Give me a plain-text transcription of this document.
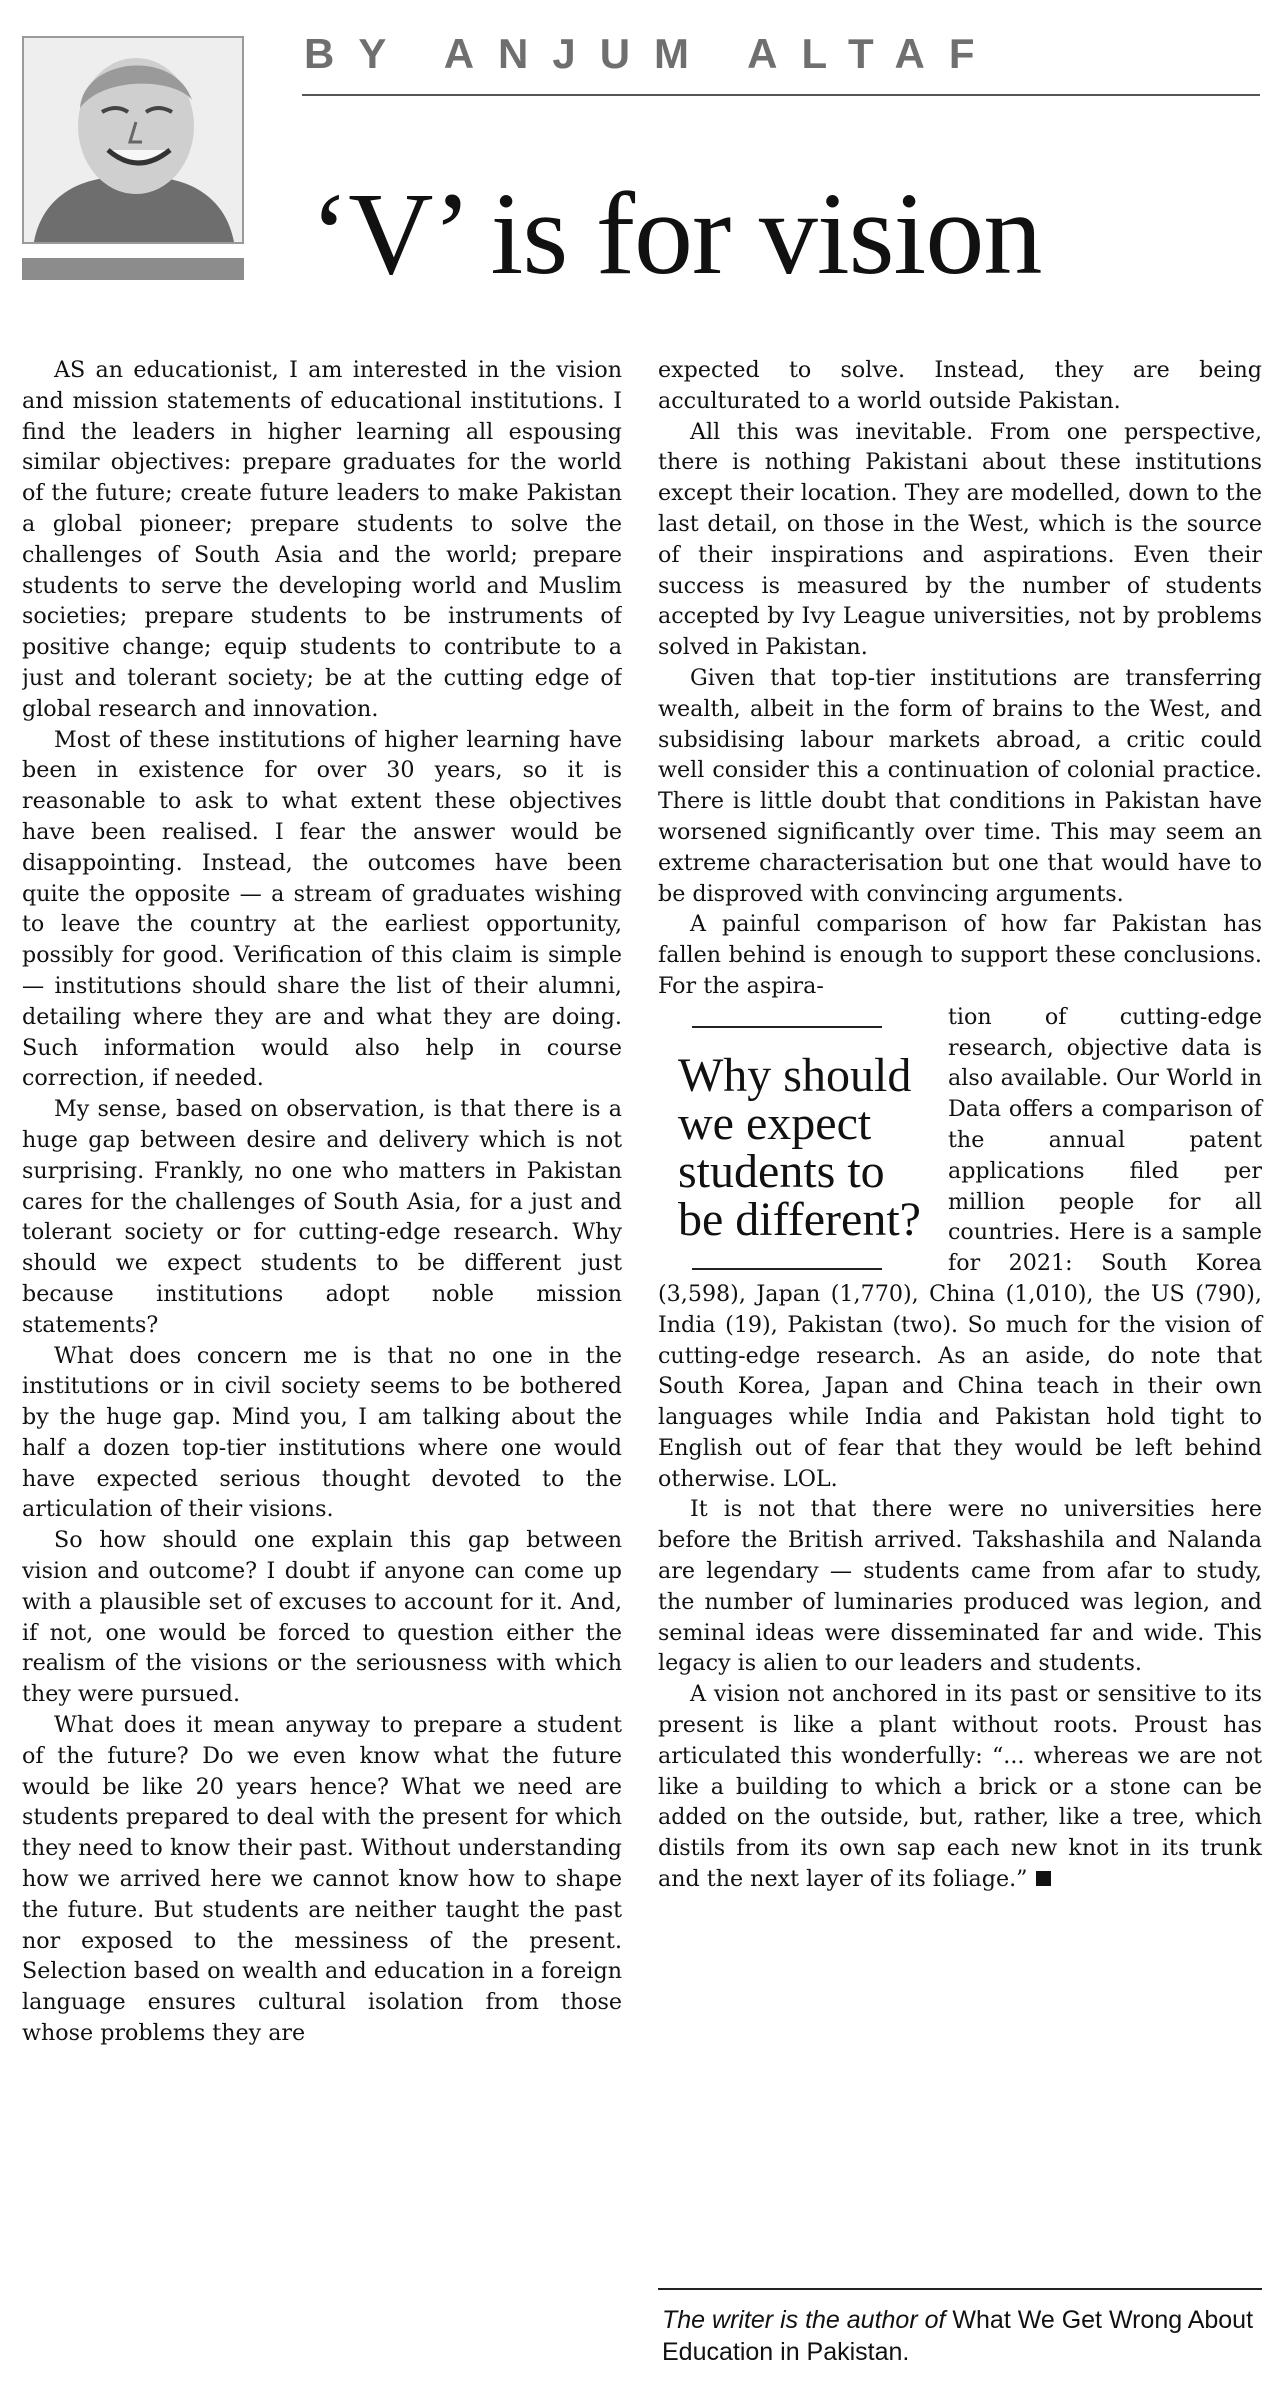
BY ANJUM ALTAF
‘V’ is for vision

AS an educationist, I am interested in the vision and mission statements of educational institutions. I find the leaders in higher learning all espousing similar objectives: prepare graduates for the world of the future; create future leaders to make Pakistan a global pioneer; prepare students to solve the challenges of South Asia and the world; prepare students to serve the developing world and Muslim societies; prepare students to be instruments of positive change; equip students to contribute to a just and tolerant society; be at the cutting edge of global research and innovation.

Most of these institutions of higher learning have been in existence for over 30 years, so it is reasonable to ask to what extent these objectives have been realised. I fear the answer would be disappointing. Instead, the outcomes have been quite the opposite — a stream of graduates wishing to leave the country at the earliest opportunity, possibly for good. Verification of this claim is simple — institutions should share the list of their alumni, detailing where they are and what they are doing. Such information would also help in course correction, if needed.

My sense, based on observation, is that there is a huge gap between desire and delivery which is not surprising. Frankly, no one who matters in Pakistan cares for the challenges of South Asia, for a just and tolerant society or for cutting-edge research. Why should we expect students to be different just because institutions adopt noble mission statements?

What does concern me is that no one in the institutions or in civil society seems to be bothered by the huge gap. Mind you, I am talking about the half a dozen top-tier institutions where one would have expected serious thought devoted to the articulation of their visions.

So how should one explain this gap between vision and outcome? I doubt if anyone can come up with a plausible set of excuses to account for it. And, if not, one would be forced to question either the realism of the visions or the seriousness with which they were pursued.

What does it mean anyway to prepare a student of the future? Do we even know what the future would be like 20 years hence? What we need are students prepared to deal with the present for which they need to know their past. Without understanding how we arrived here we cannot know how to shape the future. But students are neither taught the past nor exposed to the messiness of the present. Selection based on wealth and education in a foreign language ensures cultural isolation from those whose problems they are

expected to solve. Instead, they are being acculturated to a world outside Pakistan.

All this was inevitable. From one perspective, there is nothing Pakistani about these institutions except their location. They are modelled, down to the last detail, on those in the West, which is the source of their inspirations and aspirations. Even their success is measured by the number of students accepted by Ivy League universities, not by problems solved in Pakistan.

Given that top-tier institutions are transferring wealth, albeit in the form of brains to the West, and subsidising labour markets abroad, a critic could well consider this a continuation of colonial practice. There is little doubt that conditions in Pakistan have worsened significantly over time. This may seem an extreme characterisation but one that would have to be disproved with convincing arguments.

A painful comparison of how far Pakistan has fallen behind is enough to support these conclusions. For the aspira-

Why should we expect students to be different?

tion of cutting-edge research, objective data is also available. Our World in Data offers a comparison of the annual patent applications filed per million people for all countries. Here is a sample for 2021: South Korea (3,598), Japan (1,770), China (1,010), the US (790), India (19), Pakistan (two). So much for the vision of cutting-edge research. As an aside, do note that South Korea, Japan and China teach in their own languages while India and Pakistan hold tight to English out of fear that they would be left behind otherwise. LOL.

It is not that there were no universities here before the British arrived. Takshashila and Nalanda are legendary — students came from afar to study, the number of luminaries produced was legion, and seminal ideas were disseminated far and wide. This legacy is alien to our leaders and students.

A vision not anchored in its past or sensitive to its present is like a plant without roots. Proust has articulated this wonderfully: “... whereas we are not like a building to which a brick or a stone can be added on the outside, but, rather, like a tree, which distils from its own sap each new knot in its trunk and the next layer of its foliage.”

The writer is the author of What We Get Wrong About Education in Pakistan.
